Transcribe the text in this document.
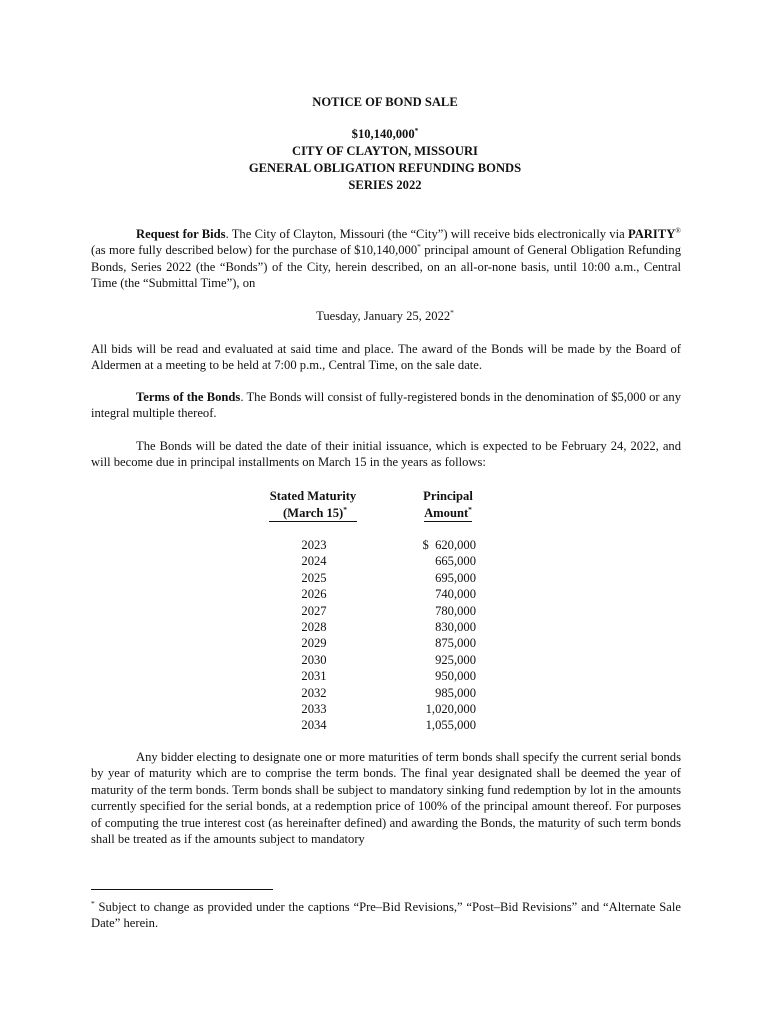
NOTICE OF BOND SALE
$10,140,000*
CITY OF CLAYTON, MISSOURI
GENERAL OBLIGATION REFUNDING BONDS
SERIES 2022
Request for Bids. The City of Clayton, Missouri (the “City”) will receive bids electronically via PARITY® (as more fully described below) for the purchase of $10,140,000* principal amount of General Obligation Refunding Bonds, Series 2022 (the “Bonds”) of the City, herein described, on an all-or-none basis, until 10:00 a.m., Central Time (the “Submittal Time”), on
Tuesday, January 25, 2022*
All bids will be read and evaluated at said time and place. The award of the Bonds will be made by the Board of Aldermen at a meeting to be held at 7:00 p.m., Central Time, on the sale date.
Terms of the Bonds. The Bonds will consist of fully-registered bonds in the denomination of $5,000 or any integral multiple thereof.
The Bonds will be dated the date of their initial issuance, which is expected to be February 24, 2022, and will become due in principal installments on March 15 in the years as follows:
Stated Maturity
(March 15)*
Principal
Amount*
2023
2024
2025
2026
2027
2028
2029
2030
2031
2032
2033
2034
$  620,000
665,000
695,000
740,000
780,000
830,000
875,000
925,000
950,000
985,000
1,020,000
1,055,000
Any bidder electing to designate one or more maturities of term bonds shall specify the current serial bonds by year of maturity which are to comprise the term bonds. The final year designated shall be deemed the year of maturity of the term bonds. Term bonds shall be subject to mandatory sinking fund redemption by lot in the amounts currently specified for the serial bonds, at a redemption price of 100% of the principal amount thereof. For purposes of computing the true interest cost (as hereinafter defined) and awarding the Bonds, the maturity of such term bonds shall be treated as if the amounts subject to mandatory
* Subject to change as provided under the captions “Pre–Bid Revisions,” “Post–Bid Revisions” and “Alternate Sale Date” herein.
